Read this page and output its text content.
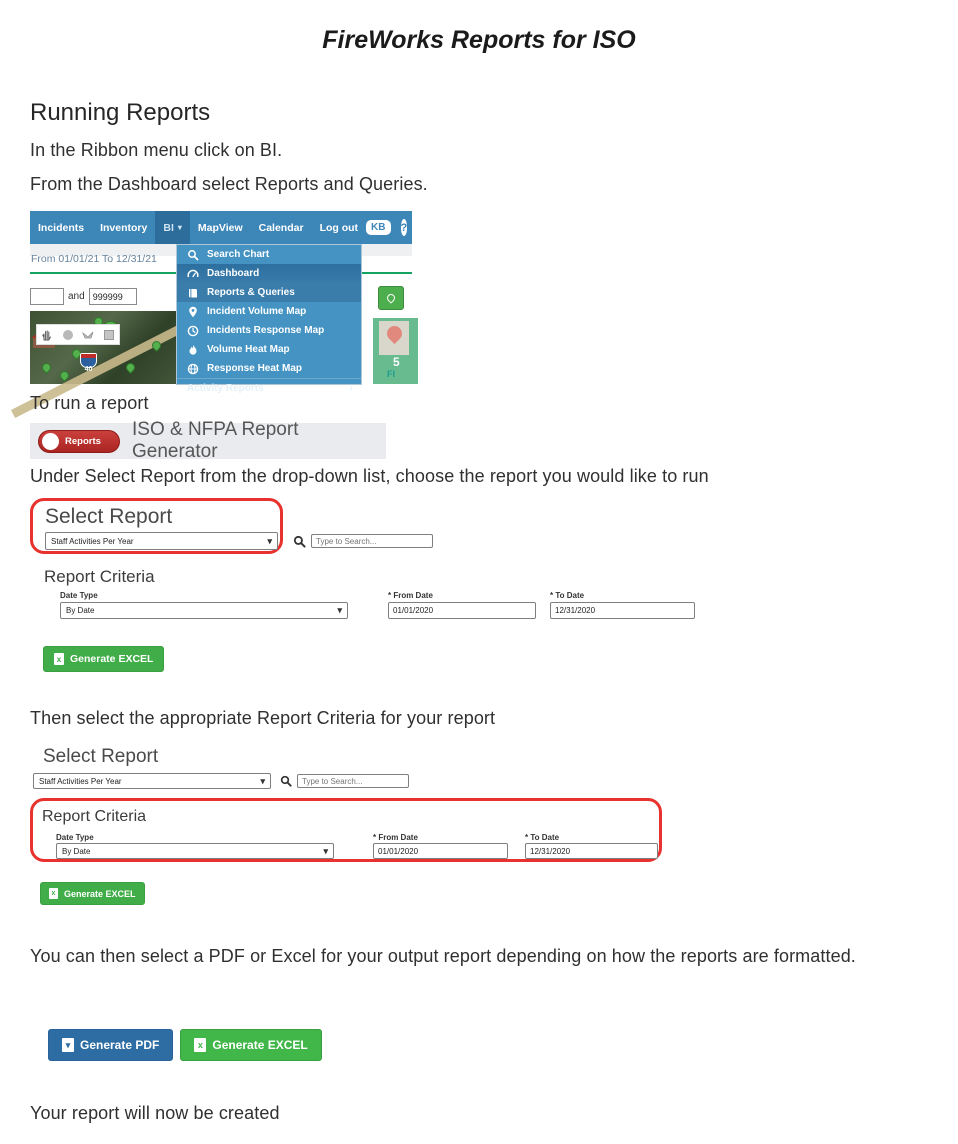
FireWorks Reports for ISO
Running Reports
In the Ribbon menu click on BI.
From the Dashboard select Reports and Queries.
Incidents	Inventory	BI ▾	MapView	Calendar	Log out	KB	?
From 01/01/21 To 12/31/21
and
999999
40
Search Chart
Dashboard
Reports & Queries
Incident Volume Map
Incidents Response Map
Volume Heat Map
Response Heat Map
Activity Reports	›
5
FI
To run a report
Reports
ISO & NFPA Report Generator
Under Select Report from the drop-down list, choose the report you would like to run
Select Report
Staff Activities Per Year	▾
Type to Search...
Report Criteria
Date Type
By Date	▾
* From Date
01/01/2020	* To Date
12/31/2020
x Generate EXCEL
Then select the appropriate Report Criteria for your report
Select Report
Staff Activities Per Year	▾
Type to Search...
Report Criteria
Date Type
By Date	▾
* From Date
01/01/2020	* To Date
12/31/2020
x Generate EXCEL
You can then select a PDF or Excel for your output report depending on how the reports are formatted.
▾ Generate PDF	x Generate EXCEL
Your report will now be created
